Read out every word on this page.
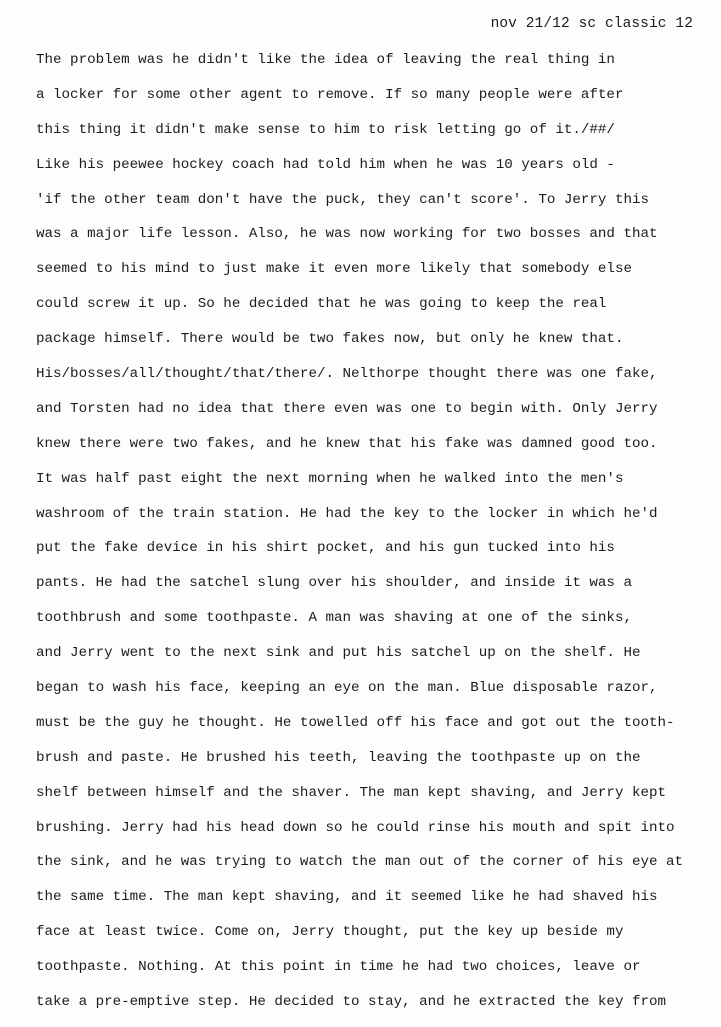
nov 21/12 sc classic 12
The problem was he didn't like the idea of leaving the real thing in
a locker for some other agent to remove. If so many people were after
this thing it didn't make sense to him to risk letting go of it./##/
Like his peewee hockey coach had told him when he was 10 years old -
'if the other team don't have the puck, they can't score'. To Jerry this
was a major life lesson. Also, he was now working for two bosses and that
seemed to his mind to just make it even more likely that somebody else
could screw it up. So he decided that he was going to keep the real
package himself. There would be two fakes now, but only he knew that.
His/bosses/all/thought/that/there/. Nelthorpe thought there was one fake,
and Torsten had no idea that there even was one to begin with. Only Jerry
knew there were two fakes, and he knew that his fake was damned good too.
It was half past eight the next morning when he walked into the men's
washroom of the train station. He had the key to the locker in which he'd
put the fake device in his shirt pocket, and his gun tucked into his
pants. He had the satchel slung over his shoulder, and inside it was a
toothbrush and some toothpaste. A man was shaving at one of the sinks,
and Jerry went to the next sink and put his satchel up on the shelf. He
began to wash his face, keeping an eye on the man. Blue disposable razor,
must be the guy he thought. He towelled off his face and got out the tooth-
brush and paste. He brushed his teeth, leaving the toothpaste up on the
shelf between himself and the shaver. The man kept shaving, and Jerry kept
brushing. Jerry had his head down so he could rinse his mouth and spit into
the sink, and he was trying to watch the man out of the corner of his eye at
the same time. The man kept shaving, and it seemed like he had shaved his
face at least twice. Come on, Jerry thought, put the key up beside my
toothpaste. Nothing. At this point in time he had two choices, leave or
take a pre-emptive step. He decided to stay, and he extracted the key from
